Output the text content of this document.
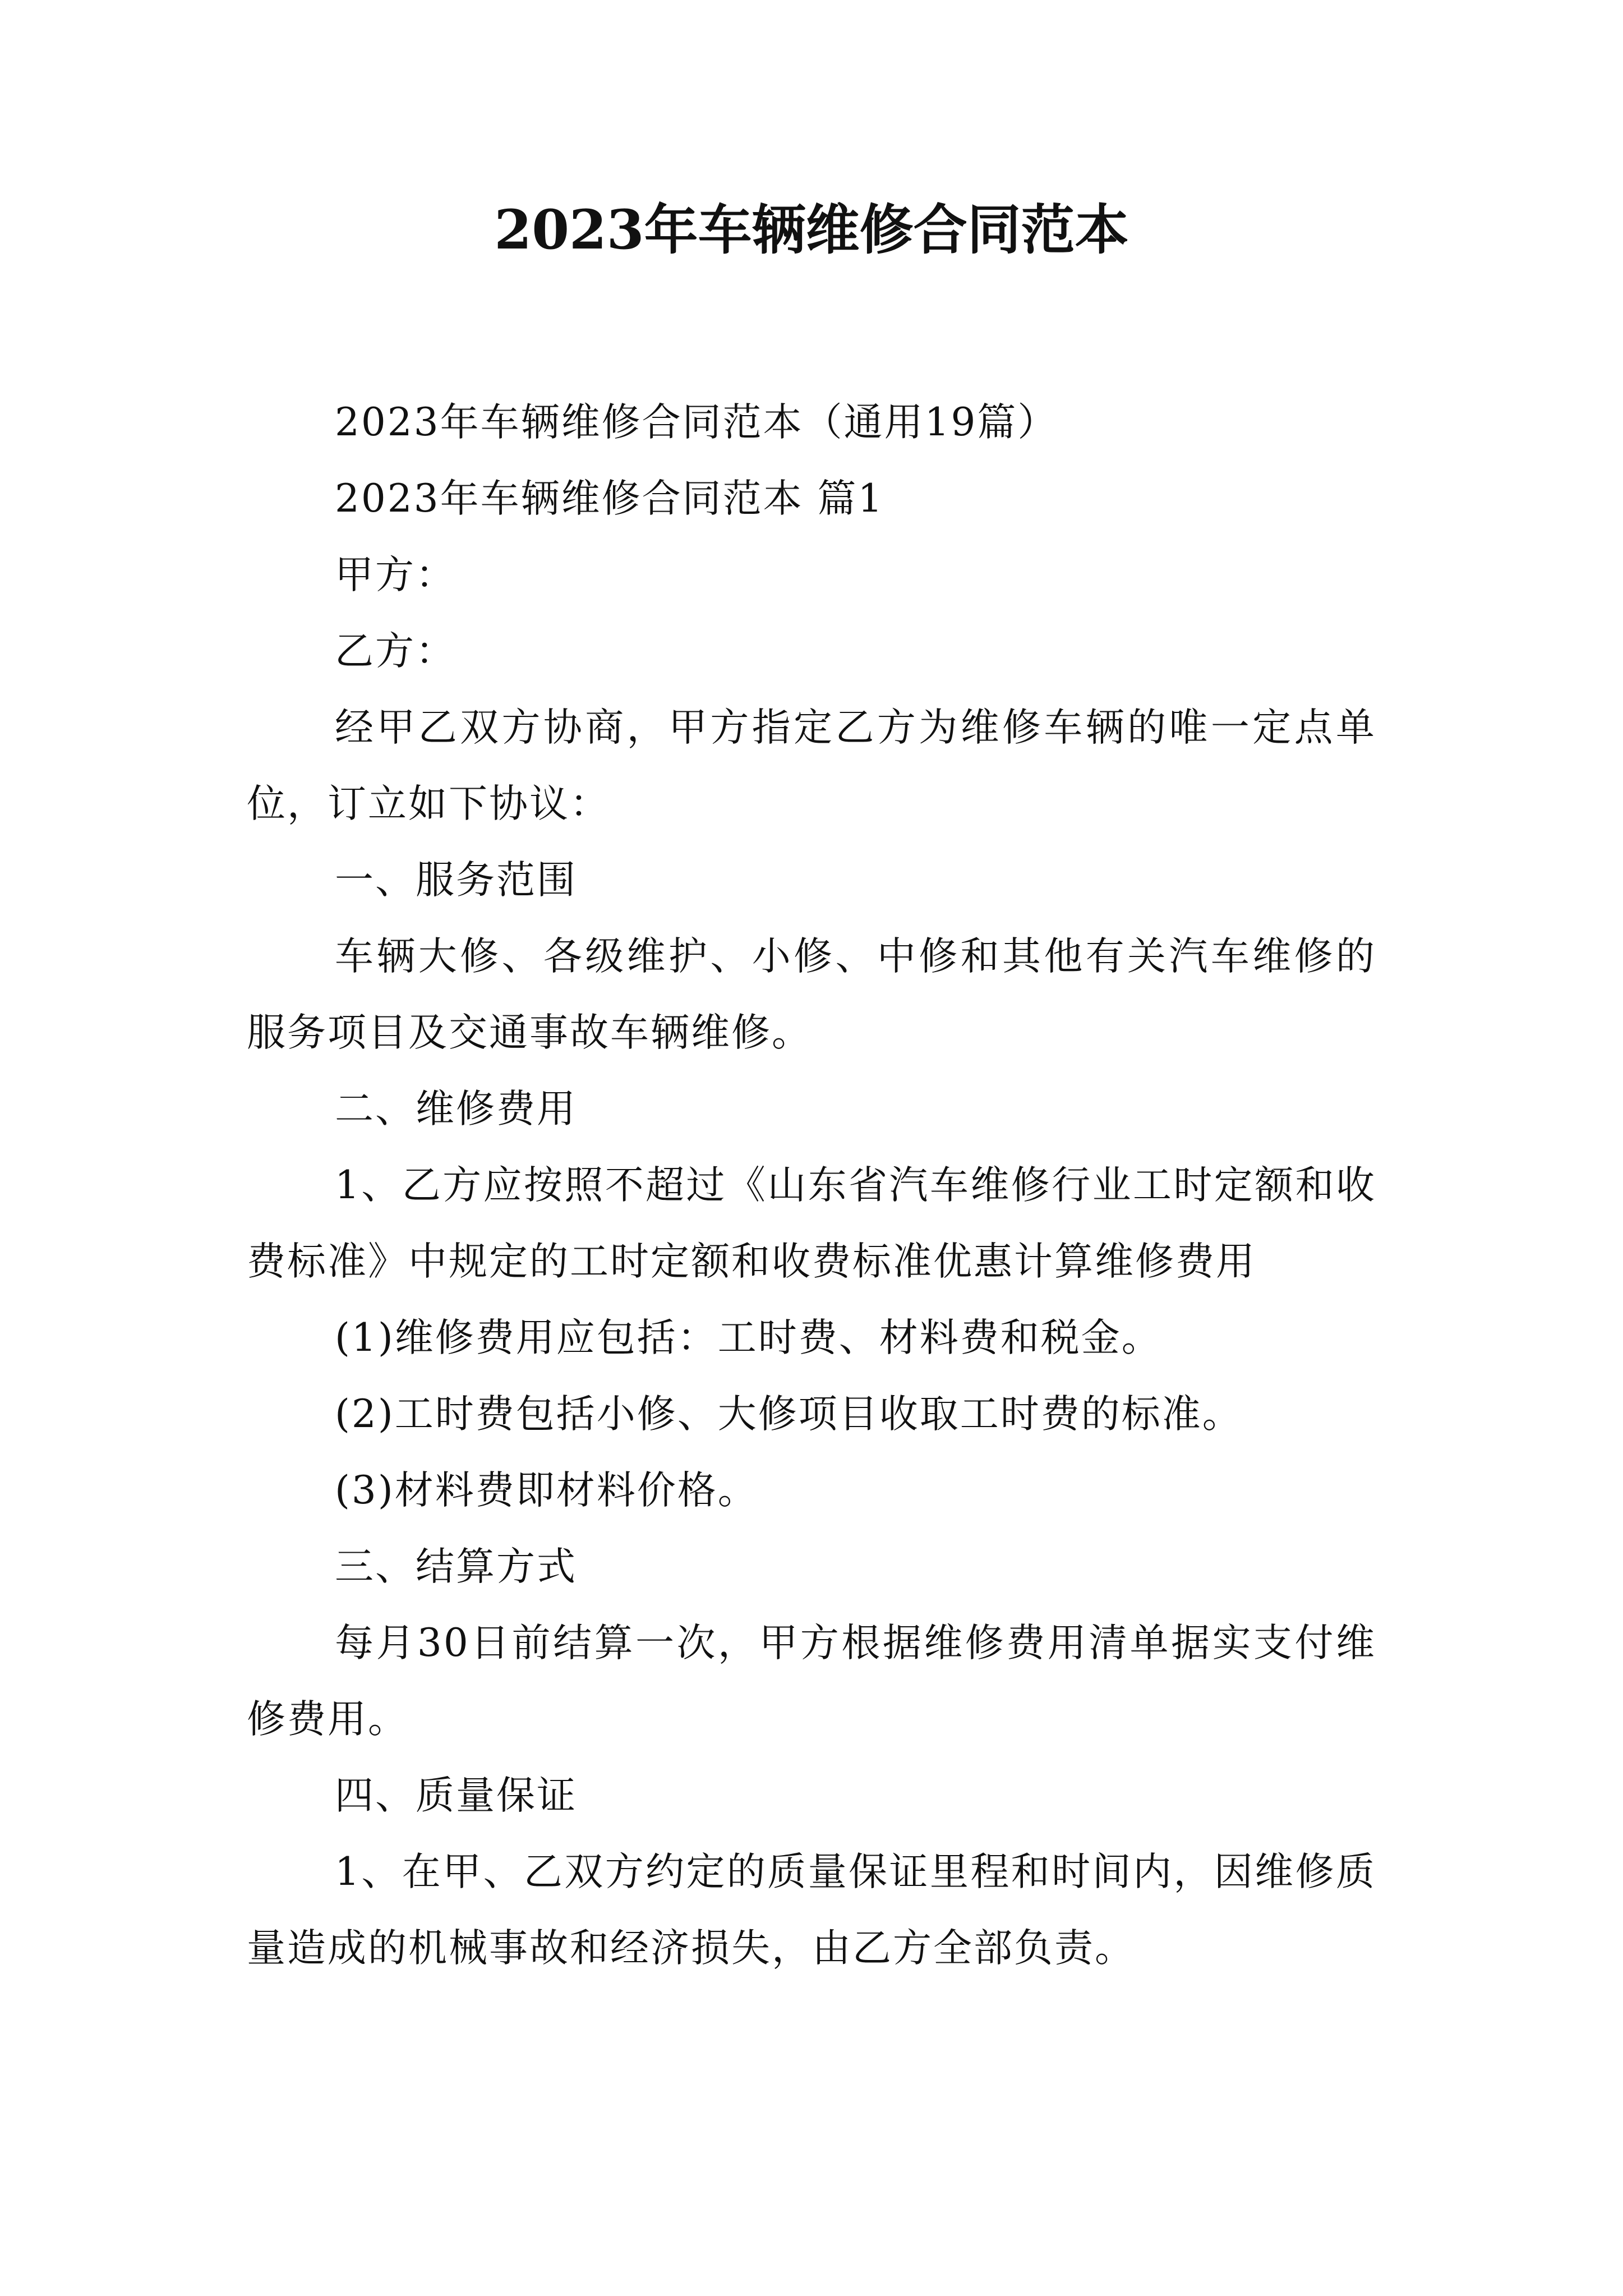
2023年车辆维修合同范本

2023年车辆维修合同范本（通用19篇）

2023年车辆维修合同范本 篇1

甲方：

乙方：

经甲乙双方协商，甲方指定乙方为维修车辆的唯一定点单位，订立如下协议：

一、服务范围

车辆大修、各级维护、小修、中修和其他有关汽车维修的服务项目及交通事故车辆维修。

二、维修费用

1、乙方应按照不超过《山东省汽车维修行业工时定额和收费标准》中规定的工时定额和收费标准优惠计算维修费用

(1)维修费用应包括：工时费、材料费和税金。

(2)工时费包括小修、大修项目收取工时费的标准。

(3)材料费即材料价格。

三、结算方式

每月30日前结算一次，甲方根据维修费用清单据实支付维修费用。

四、质量保证

1、在甲、乙双方约定的质量保证里程和时间内，因维修质量造成的机械事故和经济损失，由乙方全部负责。
